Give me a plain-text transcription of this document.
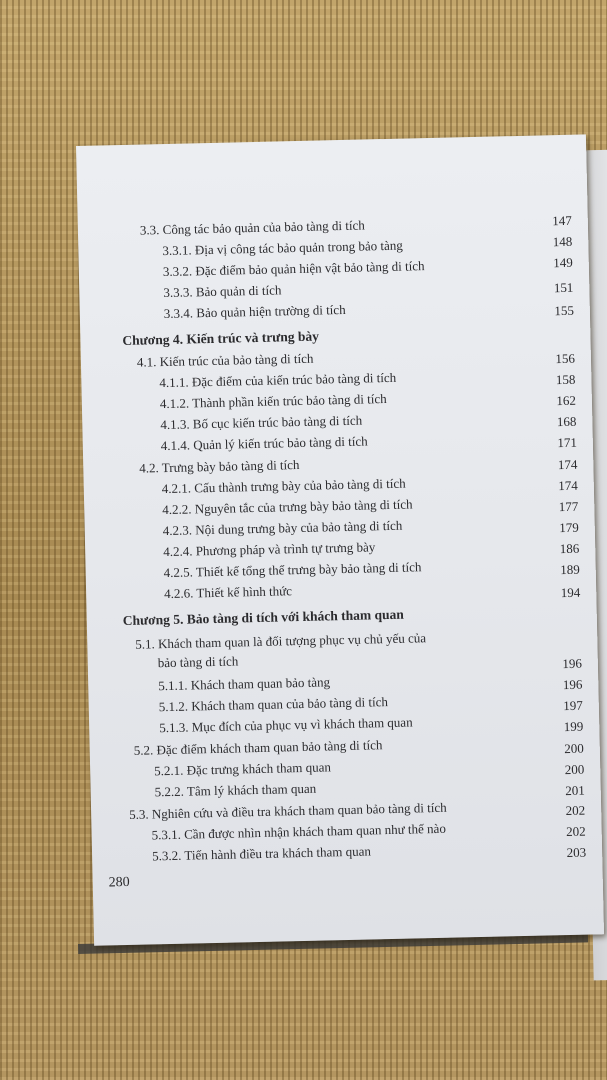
3.3. Công tác bảo quản của bảo tàng di tích	147
3.3.1. Địa vị công tác bảo quản trong bảo tàng	148
3.3.2. Đặc điểm bảo quản hiện vật bảo tàng di tích	149
3.3.3. Bảo quản di tích	151
3.3.4. Bảo quản hiện trường di tích	155
Chương 4. Kiến trúc và trưng bày
4.1. Kiến trúc của bảo tàng di tích	156
4.1.1. Đặc điểm của kiến trúc bảo tàng di tích	158
4.1.2. Thành phần kiến trúc bảo tàng di tích	162
4.1.3. Bố cục kiến trúc bảo tàng di tích	168
4.1.4. Quản lý kiến trúc bảo tàng di tích	171
4.2. Trưng bày bảo tàng di tích	174
4.2.1. Cấu thành trưng bày của bảo tàng di tích	174
4.2.2. Nguyên tắc của trưng bày bảo tàng di tích	177
4.2.3. Nội dung trưng bày của bảo tàng di tích	179
4.2.4. Phương pháp và trình tự trưng bày	186
4.2.5. Thiết kế tổng thể trưng bày bảo tàng di tích	189
4.2.6. Thiết kế hình thức	194
Chương 5. Bảo tàng di tích với khách tham quan
5.1. Khách tham quan là đối tượng phục vụ chủ yếu của
bảo tàng di tích	196
5.1.1. Khách tham quan bảo tàng	196
5.1.2. Khách tham quan của bảo tàng di tích	197
5.1.3. Mục đích của phục vụ vì khách tham quan	199
5.2. Đặc điểm khách tham quan bảo tàng di tích	200
5.2.1. Đặc trưng khách tham quan	200
5.2.2. Tâm lý khách tham quan	201
5.3. Nghiên cứu và điều tra khách tham quan bảo tàng di tích	202
5.3.1. Cần được nhìn nhận khách tham quan như thế nào	202
5.3.2. Tiến hành điều tra khách tham quan	203
280
